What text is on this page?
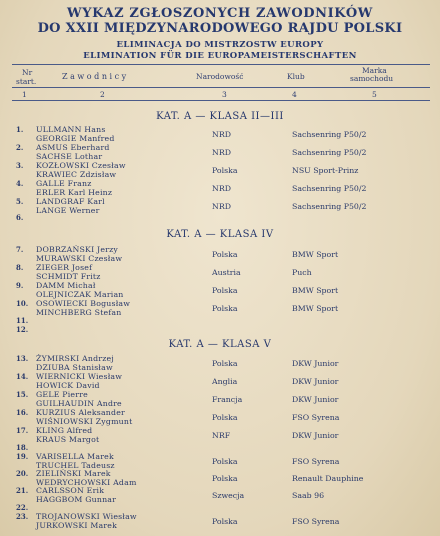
WYKAZ ZGŁOSZONYCH ZAWODNIKÓW
DO XXII MIĘDZYNARODOWEGO RAJDU POLSKI
ELIMINACJA DO MISTRZOSTW EUROPY
ELIMINATION FÜR DIE EUROPAMEISTERSCHAFTEN
Nr
start.
Z a w o d n i c y	Narodowość	Klub
Marka
samochodu
1	2	3	4	5
KAT. A — KLASA II—III
1.	ULLMANN Hans
GEORGIE Manfred	NRD	Sachsenring P50/2
2.	ASMUS Eberhard
SACHSE Lothar	NRD	Sachsenring P50/2
3.	KOZŁOWSKI Czesław
KRAWIEC Zdzisław	Polska	NSU Sport-Prinz
4.	GALLE Franz
ERLER Karl Heinz	NRD	Sachsenring P50/2
5.	LANDGRAF Karl
LANGE Werner	NRD	Sachsenring P50/2
6.
KAT. A — KLASA IV
7.	DOBRZAŃSKI Jerzy
MURAWSKI Czesław	Polska	BMW Sport
8.	ZIEGER Josef
SCHMIDT Fritz	Austria	Puch
9.	DAMM Michał
OLEJNICZAK Marian	Polska	BMW Sport
10.	OSOWIECKI Bogusław
MINCHBERG Stefan	Polska	BMW Sport
11.
12.
KAT. A — KLASA V
13.	ŻYMIRSKI Andrzej
DZIUBA Stanisław	Polska	DKW Junior
14.	WIERNICKI Wiesław
HOWICK David	Anglia	DKW Junior
15.	GELE Pierre
GUILHAUDIN Andre	Francja	DKW Junior
16.	KURZIUS Aleksander
WIŚNIOWSKI Zygmunt	Polska	FSO Syrena
17.	KLING Alfred
KRAUS Margot	NRF	DKW Junior
18.
19.	VARISELLA Marek
TRUCHEL Tadeusz	Polska	FSO Syrena
20.	ZIELIŃSKI Marek
WEDRYCHOWSKI Adam	Polska	Renault Dauphine
21.	CARLSSON Erik
HAGGBOM Gunnar	Szwecja	Saab 96
22.
23.	TROJANOWSKI Wiesław
JURKOWSKI Marek	Polska	FSO Syrena
